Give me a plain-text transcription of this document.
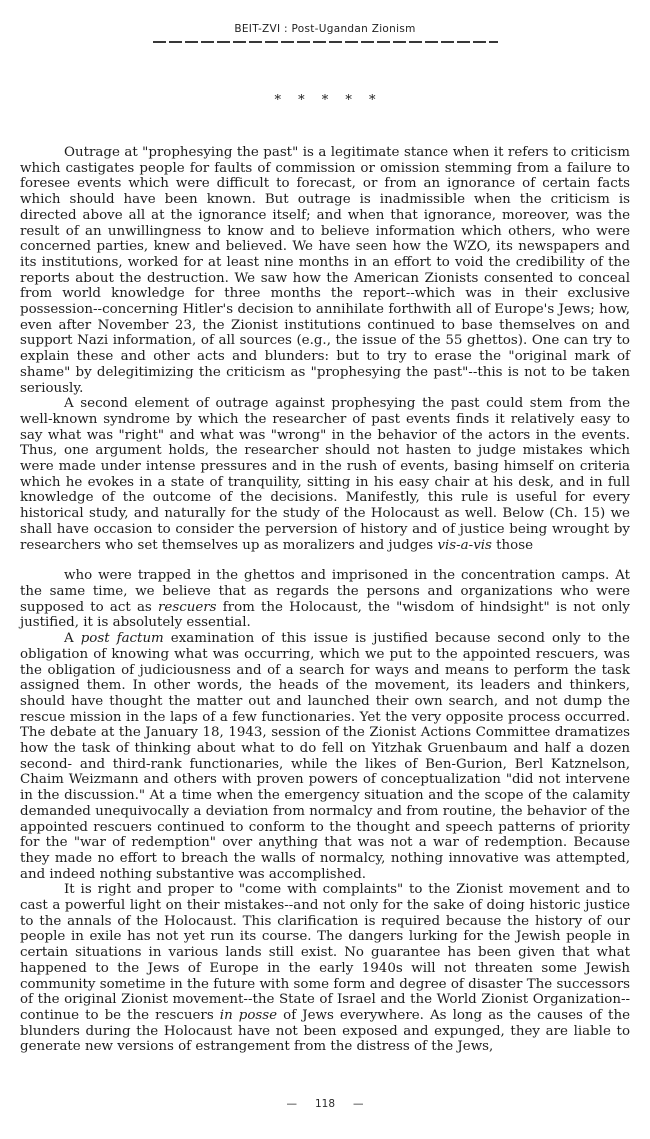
BEIT-ZVI : Post-Ugandan Zionism
* * * * *

Outrage at "prophesying the past" is a legitimate stance when it refers to criticism which castigates people for faults of commission or omission stemming from a failure to foresee events which were difficult to forecast, or from an ignorance of certain facts which should have been known. But outrage is inadmissible when the criticism is directed above all at the ignorance itself; and when that ignorance, moreover, was the result of an unwillingness to know and to believe information which others, who were concerned parties, knew and believed. We have seen how the WZO, its newspapers and its institutions, worked for at least nine months in an effort to void the credibility of the reports about the destruction. We saw how the American Zionists consented to conceal from world knowledge for three months the report--which was in their exclusive possession--concerning Hitler's decision to annihilate forthwith all of Europe's Jews; how, even after November 23, the Zionist institutions continued to base themselves on and support Nazi information, of all sources (e.g., the issue of the 55 ghettos). One can try to explain these and other acts and blunders: but to try to erase the "original mark of shame" by delegitimizing the criticism as "prophesying the past"--this is not to be taken seriously.

A second element of outrage against prophesying the past could stem from the well-known syndrome by which the researcher of past events finds it relatively easy to say what was "right" and what was "wrong" in the behavior of the actors in the events. Thus, one argument holds, the researcher should not hasten to judge mistakes which were made under intense pressures and in the rush of events, basing himself on criteria which he evokes in a state of tranquility, sitting in his easy chair at his desk, and in full knowledge of the outcome of the decisions. Manifestly, this rule is useful for every historical study, and naturally for the study of the Holocaust as well. Below (Ch. 15) we shall have occasion to consider the perversion of history and of justice being wrought by researchers who set themselves up as moralizers and judges vis-a-vis those

who were trapped in the ghettos and imprisoned in the concentration camps. At the same time, we believe that as regards the persons and organizations who were supposed to act as rescuers from the Holocaust, the "wisdom of hindsight" is not only justified, it is absolutely essential.

A post factum examination of this issue is justified because second only to the obligation of knowing what was occurring, which we put to the appointed rescuers, was the obligation of judiciousness and of a search for ways and means to perform the task assigned them. In other words, the heads of the movement, its leaders and thinkers, should have thought the matter out and launched their own search, and not dump the rescue mission in the laps of a few functionaries. Yet the very opposite process occurred. The debate at the January 18, 1943, session of the Zionist Actions Committee dramatizes how the task of thinking about what to do fell on Yitzhak Gruenbaum and half a dozen second- and third-rank functionaries, while the likes of Ben-Gurion, Berl Katznelson, Chaim Weizmann and others with proven powers of conceptualization "did not intervene in the discussion." At a time when the emergency situation and the scope of the calamity demanded unequivocally a deviation from normalcy and from routine, the behavior of the appointed rescuers continued to conform to the thought and speech patterns of priority for the "war of redemption" over anything that was not a war of redemption. Because they made no effort to breach the walls of normalcy, nothing innovative was attempted, and indeed nothing substantive was accomplished.

It is right and proper to "come with complaints" to the Zionist movement and to cast a powerful light on their mistakes--and not only for the sake of doing historic justice to the annals of the Holocaust. This clarification is required because the history of our people in exile has not yet run its course. The dangers lurking for the Jewish people in certain situations in various lands still exist. No guarantee has been given that what happened to the Jews of Europe in the early 1940s will not threaten some Jewish community sometime in the future with some form and degree of disaster The successors of the original Zionist movement--the State of Israel and the World Zionist Organization--continue to be the rescuers in posse of Jews everywhere. As long as the causes of the blunders during the Holocaust have not been exposed and expunged, they are liable to generate new versions of estrangement from the distress of the Jews,

— 118 —
